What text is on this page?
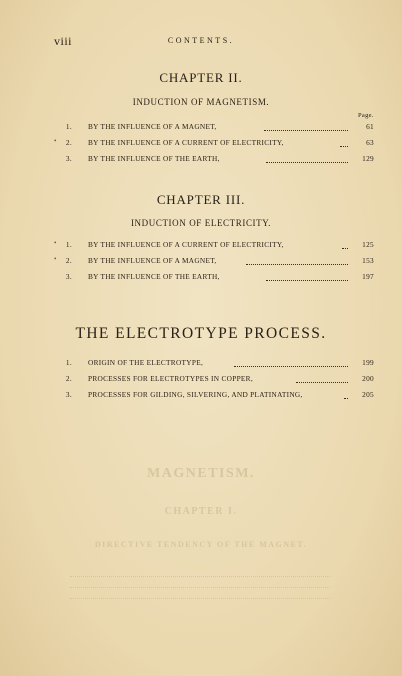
MAGNETISM.
CHAPTER I.
DIRECTIVE TENDENCY OF THE MAGNET.
viii	CONTENTS.
CHAPTER II.
INDUCTION OF MAGNETISM.
Page.
1. BY THE INFLUENCE OF A MAGNET,	61
•	2. BY THE INFLUENCE OF A CURRENT OF ELECTRICITY,	63
3. BY THE INFLUENCE OF THE EARTH,	129
CHAPTER III.
INDUCTION OF ELECTRICITY.
•	1. BY THE INFLUENCE OF A CURRENT OF ELECTRICITY,	125
•	2. BY THE INFLUENCE OF A MAGNET,	153
3. BY THE INFLUENCE OF THE EARTH,	197
THE ELECTROTYPE PROCESS.
1. ORIGIN OF THE ELECTROTYPE,	199
2. PROCESSES FOR ELECTROTYPES IN COPPER,	200
3. PROCESSES FOR GILDING, SILVERING, AND PLATINATING,	205
